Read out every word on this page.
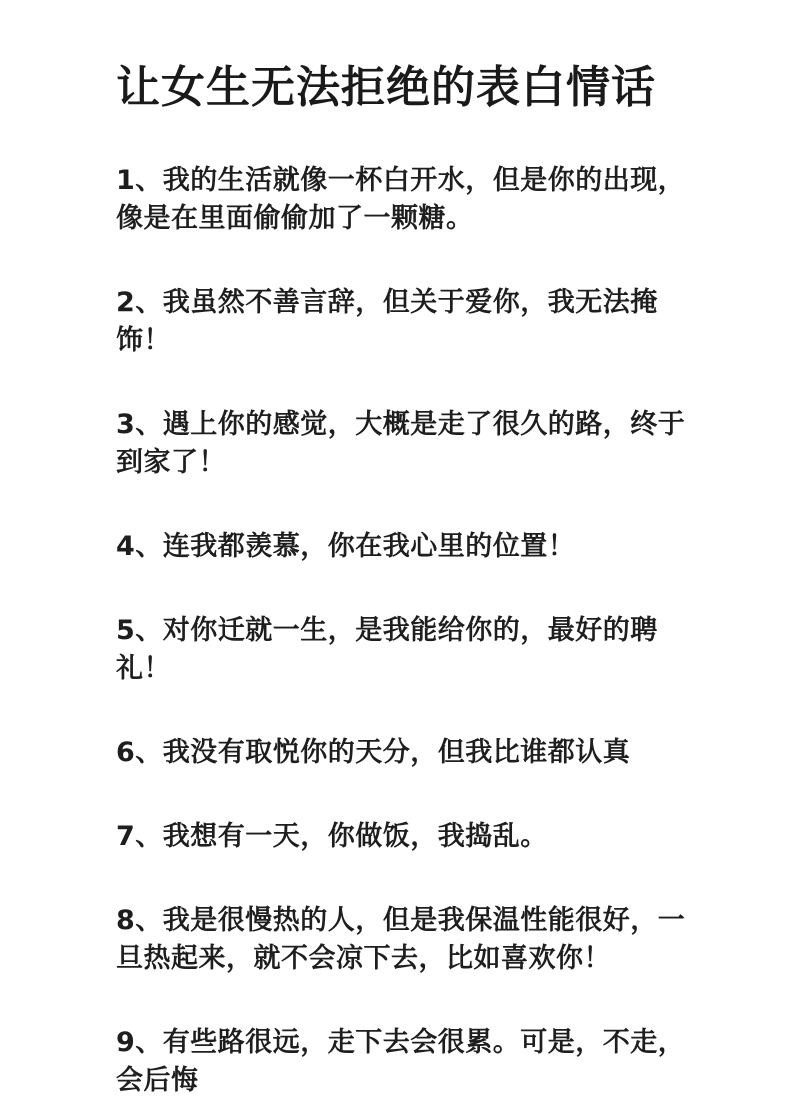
让女生无法拒绝的表白情话
1、我的生活就像一杯白开水，但是你的出现，
像是在里面偷偷加了一颗糖。
2、我虽然不善言辞，但关于爱你，我无法掩
饰！
3、遇上你的感觉，大概是走了很久的路，终于
到家了！
4、连我都羡慕，你在我心里的位置！
5、对你迁就一生，是我能给你的，最好的聘
礼！
6、我没有取悦你的天分，但我比谁都认真
7、我想有一天，你做饭，我捣乱。
8、我是很慢热的人，但是我保温性能很好，一
旦热起来，就不会凉下去，比如喜欢你！
9、有些路很远，走下去会很累。可是，不走，
会后悔
